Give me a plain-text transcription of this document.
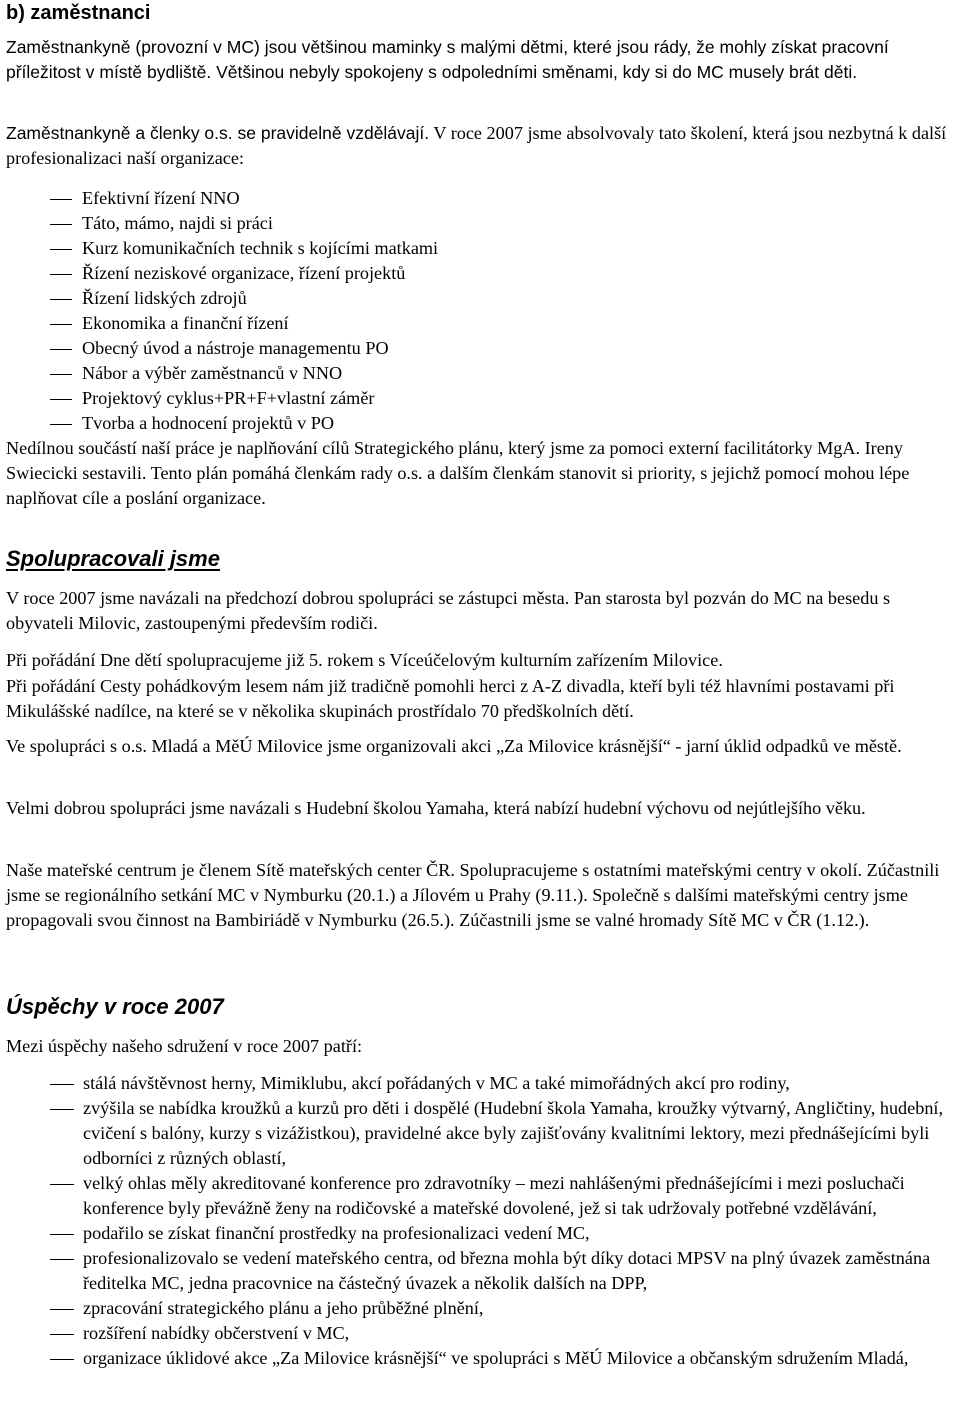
b) zaměstnanci

Zaměstnankyně (provozní v MC) jsou většinou maminky s malými dětmi, které jsou rády, že mohly získat pracovní příležitost v místě bydliště. Většinou nebyly spokojeny s odpoledními směnami, kdy si do MC musely brát děti.

Zaměstnankyně a členky o.s. se pravidelně vzdělávají. V roce 2007 jsme absolvovaly tato školení, která jsou nezbytná k další profesionalizaci naší organizace:

Efektivní řízení NNO
Táto, mámo, najdi si práci
Kurz komunikačních technik s kojícími matkami
Řízení neziskové organizace, řízení projektů
Řízení lidských zdrojů
Ekonomika a finanční řízení
Obecný úvod a nástroje managementu PO
Nábor a výběr zaměstnanců v NNO
Projektový cyklus+PR+F+vlastní záměr
Tvorba a hodnocení projektů v PO

Nedílnou součástí naší práce je naplňování cílů Strategického plánu, který jsme za pomoci externí facilitátorky MgA. Ireny Swiecicki sestavili. Tento plán pomáhá členkám rady o.s. a dalším členkám stanovit si priority, s jejichž pomocí mohou lépe naplňovat cíle a poslání organizace.

Spolupracovali jsme

V roce 2007 jsme navázali na předchozí dobrou spolupráci se zástupci města. Pan starosta byl pozván do MC na besedu s obyvateli Milovic, zastoupenými především rodiči.

Při pořádání Dne dětí spolupracujeme již 5. rokem s Víceúčelovým kulturním zařízením Milovice.

Při pořádání Cesty pohádkovým lesem nám již tradičně pomohli herci z A-Z divadla, kteří byli též hlavními postavami při Mikulášské nadílce, na které se v několika skupinách prostřídalo 70 předškolních dětí.

Ve spolupráci s o.s. Mladá a MěÚ Milovice jsme organizovali akci „Za Milovice krásnější“ - jarní úklid odpadků ve městě.

Velmi dobrou spolupráci jsme navázali s Hudební školou Yamaha, která nabízí hudební výchovu od nejútlejšího věku.

Naše mateřské centrum je členem Sítě mateřských center ČR. Spolupracujeme s ostatními mateřskými centry v okolí. Zúčastnili jsme se regionálního setkání MC v Nymburku (20.1.) a Jílovém u Prahy (9.11.). Společně s dalšími mateřskými centry jsme propagovali svou činnost na Bambiriádě v Nymburku (26.5.). Zúčastnili jsme se valné hromady Sítě MC v ČR (1.12.).

Úspěchy v roce 2007

Mezi úspěchy našeho sdružení v roce 2007 patří:

stálá návštěvnost herny, Mimiklubu, akcí pořádaných v MC a také mimořádných akcí pro rodiny,
zvýšila se nabídka kroužků a kurzů pro děti i dospělé (Hudební škola Yamaha, kroužky výtvarný, Angličtiny, hudební, cvičení s balóny, kurzy s vizážistkou), pravidelné akce byly zajišťovány kvalitními lektory, mezi přednášejícími byli odborníci z různých oblastí,
velký ohlas měly akreditované konference pro zdravotníky – mezi nahlášenými přednášejícími i mezi posluchači konference byly převážně ženy na rodičovské a mateřské dovolené, jež si tak udržovaly potřebné vzdělávání,
podařilo se získat finanční prostředky na profesionalizaci vedení MC,
profesionalizovalo se vedení mateřského centra, od března mohla být díky dotaci MPSV na plný úvazek zaměstnána ředitelka MC, jedna pracovnice na částečný úvazek a několik dalších na DPP,
zpracování strategického plánu a jeho průběžné plnění,
rozšíření nabídky občerstvení v MC,
organizace úklidové akce „Za Milovice krásnější“ ve spolupráci s MěÚ Milovice a občanským sdružením Mladá,
